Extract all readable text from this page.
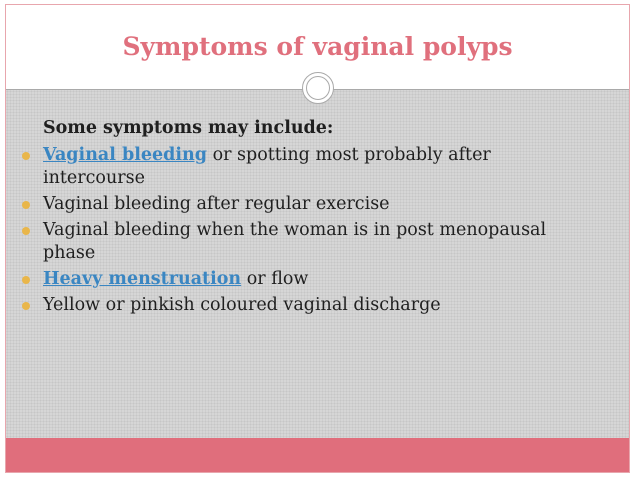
Symptoms of vaginal polyps
Some symptoms may include:
Vaginal bleeding or spotting most probably after intercourse
Vaginal bleeding after regular exercise
Vaginal bleeding when the woman is in post menopausal phase
Heavy menstruation or flow
Yellow or pinkish coloured vaginal discharge
